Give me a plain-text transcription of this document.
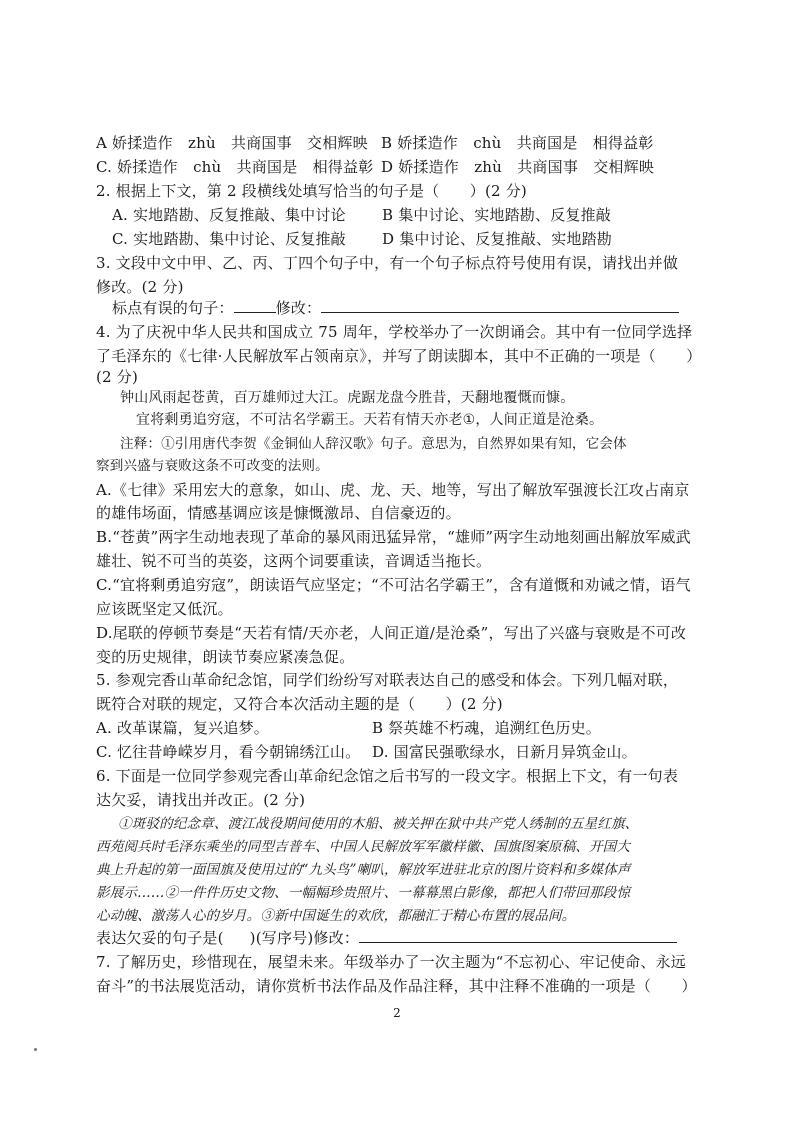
A 娇揉造作　zhù　共商国事　交相辉映 B 娇揉造作　chù　共商国是　相得益彰
C. 娇揉造作　chù　共商国是　相得益彰 D 娇揉造作　zhù　共商国事　交相辉映
2. 根据上下文，第 2 段横线处填写恰当的句子是（　　）(2 分)
A. 实地踏勘、反复推敲、集中讨论 B 集中讨论、实地踏勘、反复推敲
C. 实地踏勘、集中讨论、反复推敲 D 集中讨论、反复推敲、实地踏勘
3. 文段中文中甲、乙、丙、丁四个句子中，有一个句子标点符号使用有误，请找出并做
修改。(2 分)
标点有误的句子：	修改：
4. 为了庆祝中华人民共和国成立 75 周年，学校举办了一次朗诵会。其中有一位同学选择
了毛泽东的《七律·人民解放军占领南京》，并写了朗读脚本，其中不正确的一项是（　　）
(2 分)
钟山风雨起苍黄，百万雄师过大江。虎踞龙盘今胜昔，天翻地覆慨而慷。
宜将剩勇追穷寇，不可沽名学霸王。天若有情天亦老①，人间正道是沧桑。
注释：①引用唐代李贺《金铜仙人辞汉歌》句子。意思为，自然界如果有知，它会体
察到兴盛与衰败这条不可改变的法则。
A.《七律》采用宏大的意象，如山、虎、龙、天、地等，写出了解放军强渡长江攻占南京
的雄伟场面，情感基调应该是慷慨激昂、自信豪迈的。
B.“苍黄”两字生动地表现了革命的暴风雨迅猛异常，“雄师”两字生动地刻画出解放军威武
雄壮、锐不可当的英姿，这两个词要重读，音调适当拖长。
C.“宜将剩勇追穷寇”，朗读语气应坚定；“不可沽名学霸王”，含有道慨和劝诫之情，语气
应该既坚定又低沉。
D.尾联的停顿节奏是“天若有情/天亦老，人间正道/是沧桑”，写出了兴盛与衰败是不可改
变的历史规律，朗读节奏应紧凑急促。
5. 参观完香山革命纪念馆，同学们纷纷写对联表达自己的感受和体会。下列几幅对联，
既符合对联的规定，又符合本次活动主题的是（　　）(2 分)
A. 改革谋篇，复兴追梦。	B 祭英雄不朽魂，追溯红色历史。
C. 忆往昔峥嵘岁月，看今朝锦绣江山。 D. 国富民强歌绿水，日新月异筑金山。
6. 下面是一位同学参观完香山革命纪念馆之后书写的一段文字。根据上下文，有一句表
达欠妥，请找出并改正。(2 分)
①斑驳的纪念章、渡江战役期间使用的木船、被关押在狱中共产党人绣制的五星红旗、
西苑阅兵时毛泽东乘坐的同型吉普车、中国人民解放军军徽样徽、国旗图案原稿、开国大
典上升起的第一面国旗及使用过的“九头鸟”喇叭，解放军进驻北京的图片资料和多媒体声
影展示……②一件件历史文物、一幅幅珍贵照片、一幕幕黑白影像，都把人们带回那段惊
心动魄、激荡人心的岁月。③新中国诞生的欢欣，都融汇于精心布置的展品间。
表达欠妥的句子是( )(写序号)修改：
7. 了解历史，珍惜现在，展望未来。年级举办了一次主题为“不忘初心、牢记使命、永远
奋斗”的书法展览活动，请你赏析书法作品及作品注释，其中注释不准确的一项是（　　）
2
